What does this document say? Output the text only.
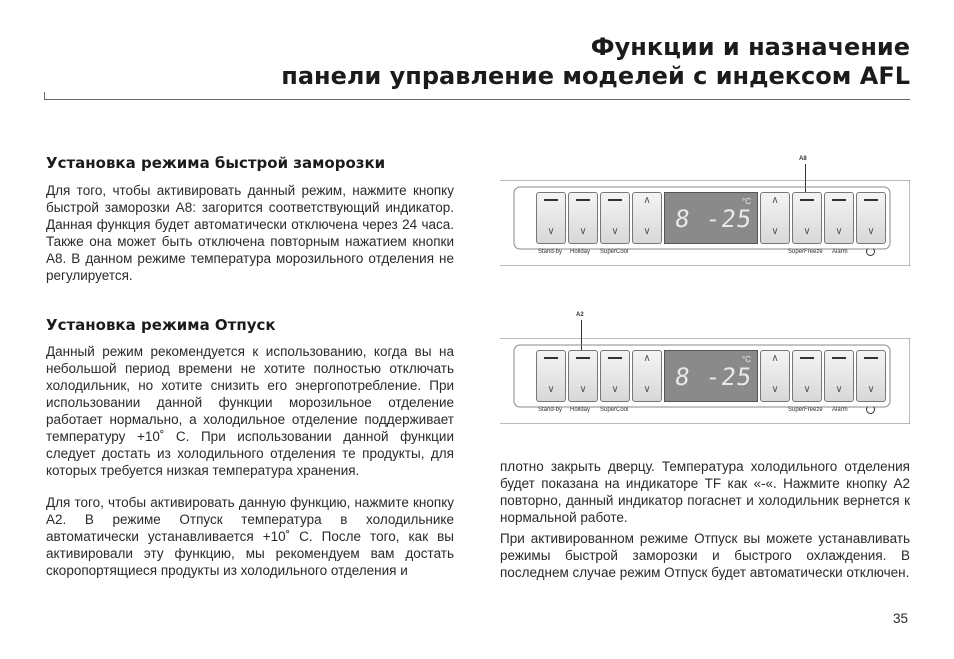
Функции и назначение
панели управление моделей с индексом AFL
Установка режима быстрой заморозки

Для того, чтобы активировать данный режим, нажмите кнопку быстрой заморозки A8: загорится соответствующий индикатор. Данная функция будет автоматически отключена через 24 часа. Также она может быть отключена повторным нажатием кнопки A8. В данном режиме температура морозильного отделения не регулируется.

Установка режима Отпуск

Данный режим рекомендуется к использованию, когда вы на небольшой период времени не хотите полностью отключать холодильник, но хотите снизить его энергопотребление. При использовании данной функции морозильное отделение работает нормально, а холодильное отделение поддерживает температуру +10˚ С. При использовании данной функции следует достать из холодильного отделения те продукты, для которых требуется низкая температура хранения.

Для того, чтобы активировать данную функцию, нажмите кнопку A2. В режиме Отпуск температура в холодильнике автоматически устанавливается +10˚ С. После того, как вы активировали эту функцию, мы рекомендуем вам достать скоропортящиеся продукты из холодильного отделения и

плотно закрыть дверцу. Температура холодильного отделения будет показана на индикаторе TF как «-«. Нажмите кнопку A2 повторно, данный индикатор погаснет и холодильник вернется к нормальной работе.

При активированном режиме Отпуск вы можете устанавливать режимы быстрой заморозки и быстрого охлаждения. В последнем случае режим Отпуск будет автоматически отключен.

A8
∨	∨	∨
∧
∨ 8 -25
°C	∧
∨	∨	∨	∨
Stand-by Holiday SuperCool	SuperFreeze Alarm
A2
∨	∨	∨
∧
∨ 8 -25
°C	∧
∨	∨	∨	∨
Stand-by Holiday SuperCool	SuperFreeze Alarm
35
